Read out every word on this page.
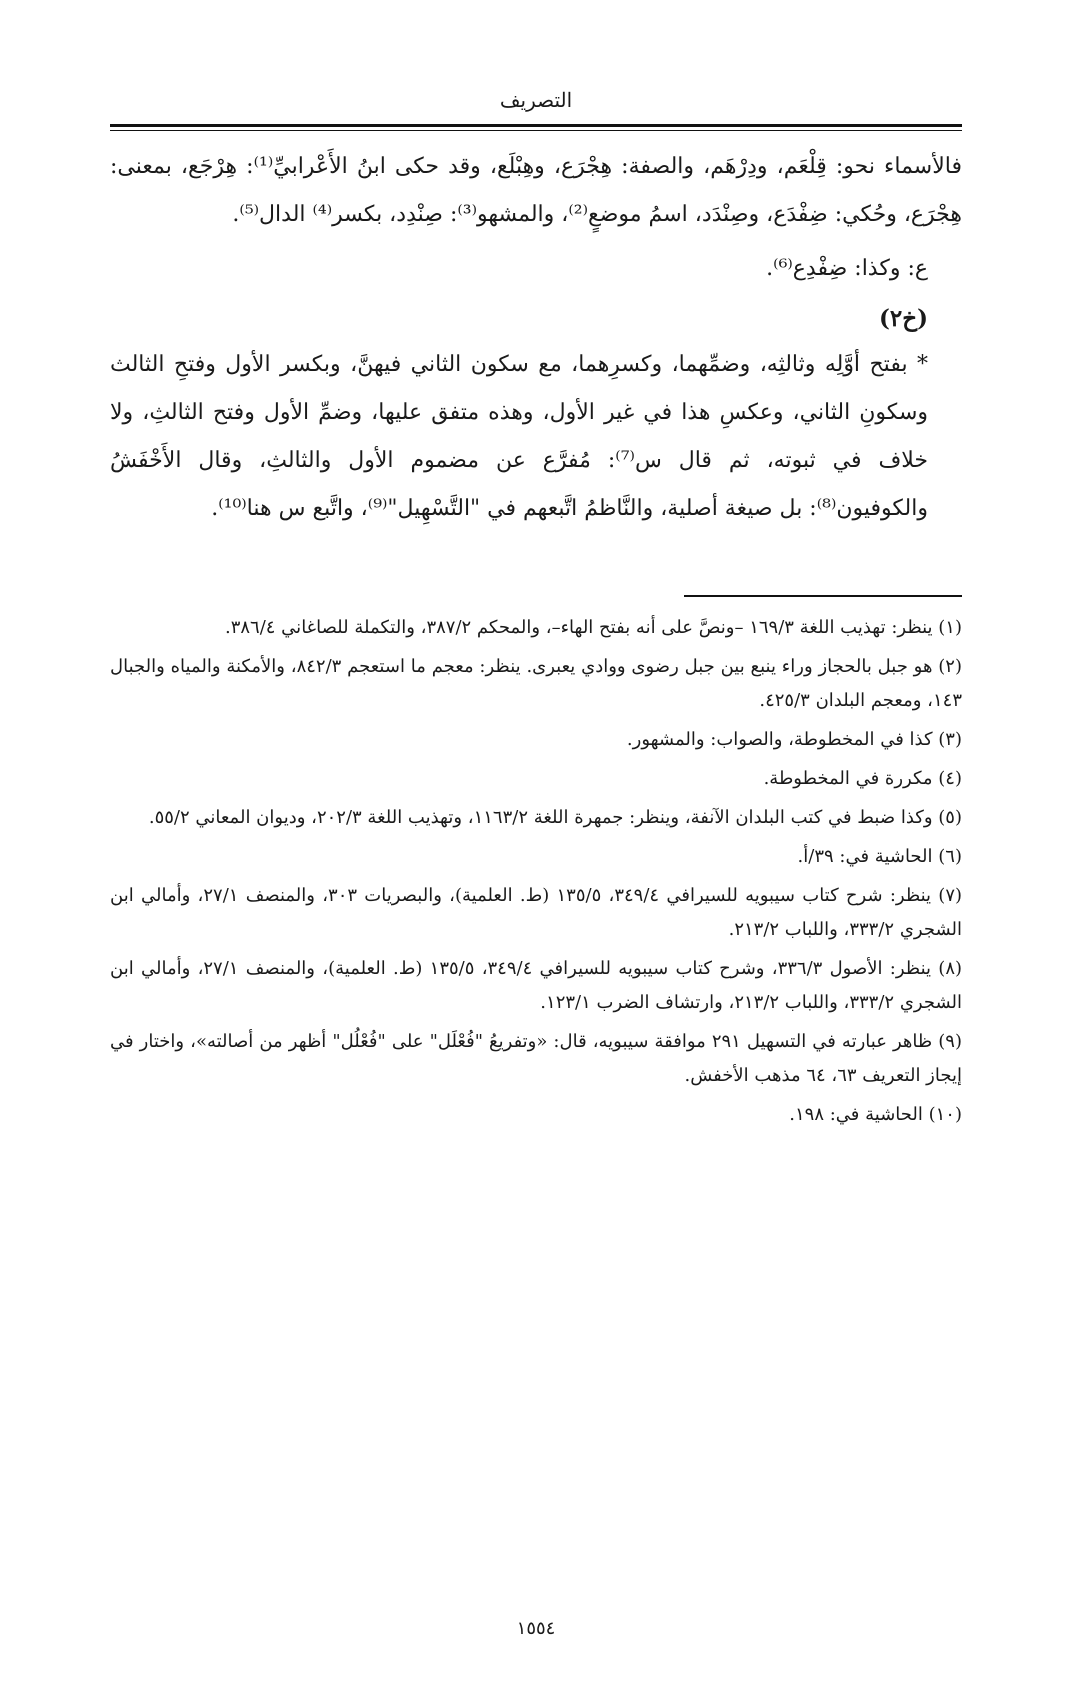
التصريف

فالأسماء نحو: قِلْعَم، ودِرْهَم، والصفة: هِجْرَع، وهِبْلَع، وقد حكى ابنُ الأَعْرابيِّ⁽¹⁾: هِرْجَع، بمعنى: هِجْرَع، وحُكي: ضِفْدَع، وصِنْدَد، اسمُ موضعٍ⁽²⁾، والمشهو⁽³⁾: صِنْدِد، بكسر⁽⁴⁾ الدال⁽⁵⁾.

ع: وكذا: ضِفْدِع⁽⁶⁾.

(خ٢)

* بفتح أوَّلِه وثالثِه، وضمِّهما، وكسرِهما، مع سكون الثاني فيهنَّ، وبكسر الأول وفتحِ الثالث وسكونِ الثاني، وعكسِ هذا في غير الأول، وهذه متفق عليها، وضمِّ الأول وفتح الثالثِ، ولا خلاف في ثبوته، ثم قال س⁽⁷⁾: مُفرَّع عن مضموم الأول والثالثِ، وقال الأَخْفَشُ والكوفيون⁽⁸⁾: بل صيغة أصلية، والنَّاظمُ اتَّبعهم في "التَّسْهِيل"⁽⁹⁾، واتَّبع س هنا⁽¹⁰⁾.

(١) ينظر: تهذيب اللغة ١٦٩/٣ –ونصَّ على أنه بفتح الهاء–، والمحكم ٣٨٧/٢، والتكملة للصاغاني ٣٨٦/٤.

(٢) هو جبل بالحجاز وراء ينبع بين جبل رضوى ووادي يعبرى. ينظر: معجم ما استعجم ٨٤٢/٣، والأمكنة والمياه والجبال ١٤٣، ومعجم البلدان ٤٢٥/٣.

(٣) كذا في المخطوطة، والصواب: والمشهور.

(٤) مكررة في المخطوطة.

(٥) وكذا ضبط في كتب البلدان الآنفة، وينظر: جمهرة اللغة ١١٦٣/٢، وتهذيب اللغة ٢٠٢/٣، وديوان المعاني ٥٥/٢.

(٦) الحاشية في: ٣٩/أ.

(٧) ينظر: شرح كتاب سيبويه للسيرافي ٣٤٩/٤، ١٣٥/٥ (ط. العلمية)، والبصريات ٣٠٣، والمنصف ٢٧/١، وأمالي ابن الشجري ٣٣٣/٢، واللباب ٢١٣/٢.

(٨) ينظر: الأصول ٣٣٦/٣، وشرح كتاب سيبويه للسيرافي ٣٤٩/٤، ١٣٥/٥ (ط. العلمية)، والمنصف ٢٧/١، وأمالي ابن الشجري ٣٣٣/٢، واللباب ٢١٣/٢، وارتشاف الضرب ١٢٣/١.

(٩) ظاهر عبارته في التسهيل ٢٩١ موافقة سيبويه، قال: «وتفريعُ "فُعْلَل" على "فُعْلُل" أظهر من أصالته»، واختار في إيجاز التعريف ٦٣، ٦٤ مذهب الأخفش.

(١٠) الحاشية في: ١٩٨.

١٥٥٤
